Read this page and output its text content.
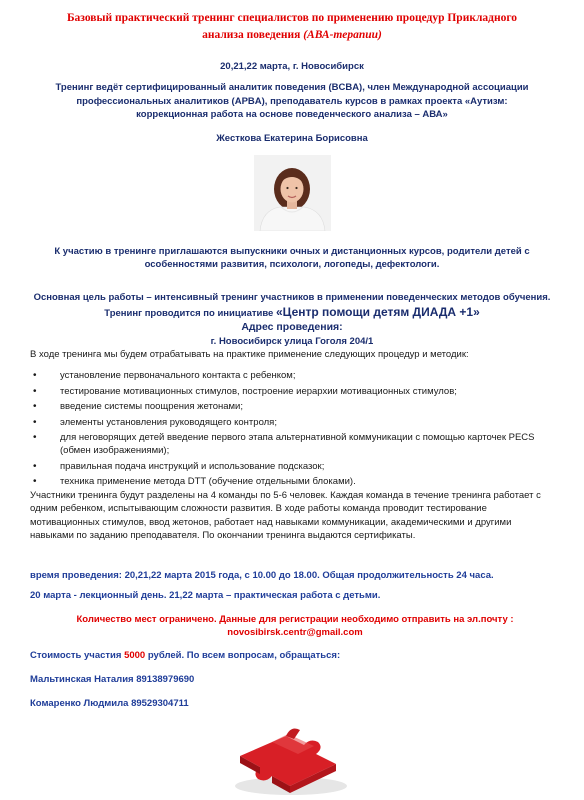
Базовый практический тренинг специалистов по применению процедур Прикладного
анализа поведения (АВА-терапии)
20,21,22 марта, г. Новосибирск
Тренинг ведёт сертифицированный аналитик поведения (BCBA), член Международной ассоциации профессиональных аналитиков (APBA), преподаватель курсов в рамках проекта «Аутизм: коррекционная работа на основе поведенческого анализа – АВА»
Жесткова Екатерина Борисовна
К участию в тренинге приглашаются выпускники очных и дистанционных курсов, родители детей с особенностями развития, психологи, логопеды, дефектологи.
Основная цель работы – интенсивный тренинг участников в применении поведенческих методов обучения.
Тренинг проводится по инициативе «Центр помощи детям ДИАДА +1»
Адрес проведения:
г. Новосибирск улица Гоголя 204/1
В ходе тренинга мы будем отрабатывать на практике применение следующих процедур и методик:
• установление первоначального контакта с ребенком;
• тестирование мотивационных стимулов, построение иерархии мотивационных стимулов;
• введение системы поощрения жетонами;
• элементы установления руководящего контроля;
• для неговорящих детей введение первого этапа альтернативной коммуникации с помощью карточек PECS (обмен изображениями);
• правильная подача инструкций и использование подсказок;
• техника применение метода DTT (обучение отдельными блоками).
Участники тренинга будут разделены на 4 команды по 5-6 человек. Каждая команда в течение тренинга работает с одним ребенком, испытывающим сложности развития. В ходе работы команда проводит тестирование мотивационных стимулов, ввод жетонов, работает над навыками коммуникации, академическими и другими навыками по заданию преподавателя. По окончании тренинга выдаются сертификаты.
время проведения: 20,21,22 марта 2015 года, с 10.00 до 18.00. Общая продолжительность 24 часа.
20 марта - лекционный день. 21,22 марта – практическая работа с детьми.
Количество мест ограничено. Данные для регистрации необходимо отправить на эл.почту :
novosibirsk.centr@gmail.com
Стоимость участия 5000 рублей. По всем вопросам, обращаться:
Мальтинская Наталия 89138979690
Комаренко Людмила 89529304711
